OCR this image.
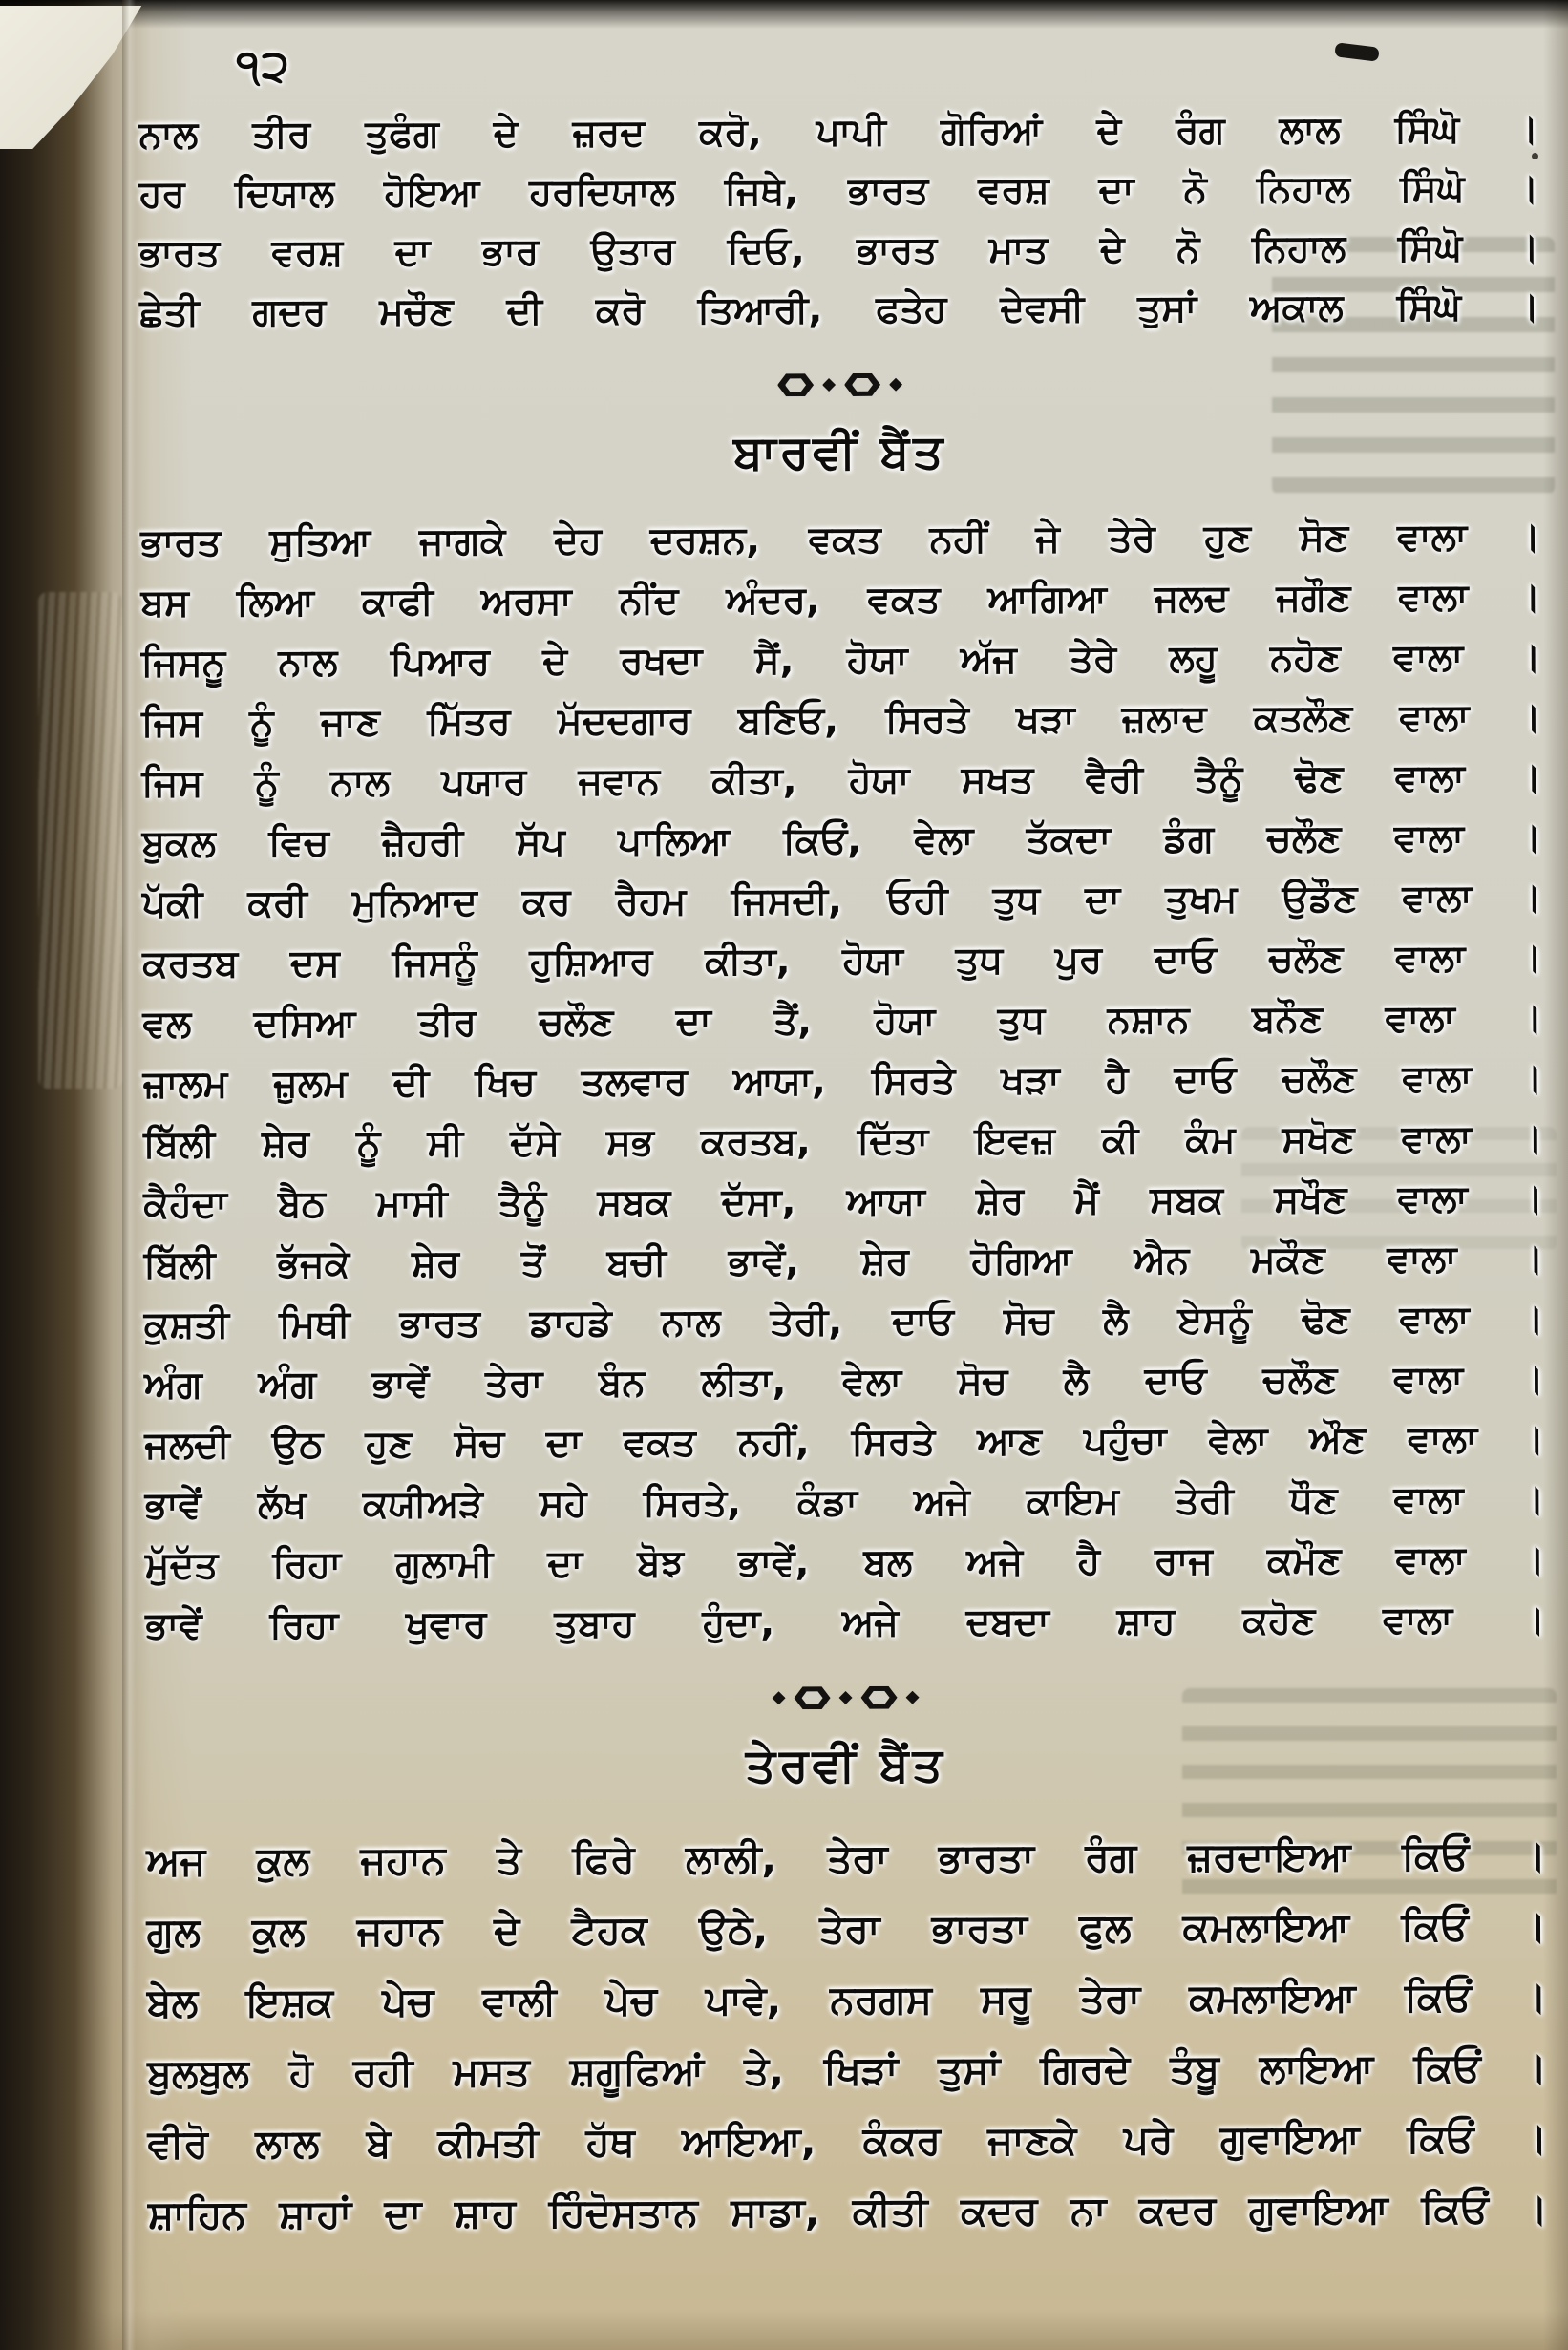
੧੨
ਨਾਲ ਤੀਰ ਤੁਫੰਗ ਦੇ ਜ਼ਰਦ ਕਰੋ, ਪਾਪੀ ਗੋਰਿਆਂ ਦੇ ਰੰਗ ਲਾਲ ਸਿੰਘੋ ।
ਹਰ ਦਿਯਾਲ ਹੋਇਆ ਹਰਦਿਯਾਲ ਜਿਥੇ, ਭਾਰਤ ਵਰਸ਼ ਦਾ ਨੋ ਨਿਹਾਲ ਸਿੰਘੋ ।
ਭਾਰਤ ਵਰਸ਼ ਦਾ ਭਾਰ ਉਤਾਰ ਦਿਓ, ਭਾਰਤ ਮਾਤ ਦੇ ਨੋ ਨਿਹਾਲ ਸਿੰਘੋ ।
ਛੇਤੀ ਗਦਰ ਮਚੌਣ ਦੀ ਕਰੋ ਤਿਆਰੀ, ਫਤੇਹ ਦੇਵਸੀ ਤੁਸਾਂ ਅਕਾਲ ਸਿੰਘੋ ।
ਬਾਰਵੀਂ ਬੈਂਤ
ਭਾਰਤ ਸੁਤਿਆ ਜਾਗਕੇ ਦੇਹ ਦਰਸ਼ਨ, ਵਕਤ ਨਹੀਂ ਜੇ ਤੇਰੇ ਹੁਣ ਸੋਣ ਵਾਲਾ ।
ਬਸ ਲਿਆ ਕਾਫੀ ਅਰਸਾ ਨੀਂਦ ਅੰਦਰ, ਵਕਤ ਆਗਿਆ ਜਲਦ ਜਗੌਣ ਵਾਲਾ ।
ਜਿਸਨੂ ਨਾਲ ਪਿਆਰ ਦੇ ਰਖਦਾ ਸੈਂ, ਹੋਯਾ ਅੱਜ ਤੇਰੇ ਲਹੂ ਨਹੋਣ ਵਾਲਾ ।
ਜਿਸ ਨੂੰ ਜਾਣ ਮਿੱਤਰ ਮੱਦਦਗਾਰ ਬਣਿਓ, ਸਿਰਤੇ ਖੜਾ ਜ਼ਲਾਦ ਕਤਲੌਣ ਵਾਲਾ ।
ਜਿਸ ਨੂੰ ਨਾਲ ਪਯਾਰ ਜਵਾਨ ਕੀਤਾ, ਹੋਯਾ ਸਖਤ ਵੈਰੀ ਤੈਨੂੰ ਢੋਣ ਵਾਲਾ ।
ਬੁਕਲ ਵਿਚ ਜ਼ੈਹਰੀ ਸੱਪ ਪਾਲਿਆ ਕਿਓਂ, ਵੇਲਾ ਤੱਕਦਾ ਡੰਗ ਚਲੌਣ ਵਾਲਾ ।
ਪੱਕੀ ਕਰੀ ਮੁਨਿਆਦ ਕਰ ਰੈਹਮ ਜਿਸਦੀ, ਓਹੀ ਤੁਧ ਦਾ ਤੁਖਮ ਉਡੌਣ ਵਾਲਾ ।
ਕਰਤਬ ਦਸ ਜਿਸਨੂੰ ਹੁਸ਼ਿਆਰ ਕੀਤਾ, ਹੋਯਾ ਤੁਧ ਪੁਰ ਦਾਓ ਚਲੌਣ ਵਾਲਾ ।
ਵਲ ਦਸਿਆ ਤੀਰ ਚਲੌਣ ਦਾ ਤੈਂ, ਹੋਯਾ ਤੁਧ ਨਸ਼ਾਨ ਬਨੌਣ ਵਾਲਾ ।
ਜ਼ਾਲਮ ਜ਼ੁਲਮ ਦੀ ਖਿਚ ਤਲਵਾਰ ਆਯਾ, ਸਿਰਤੇ ਖੜਾ ਹੈ ਦਾਓ ਚਲੌਣ ਵਾਲਾ ।
ਬਿੱਲੀ ਸ਼ੇਰ ਨੂੰ ਸੀ ਦੱਸੇ ਸਭ ਕਰਤਬ, ਦਿੱਤਾ ਇਵਜ਼ ਕੀ ਕੰਮ ਸਖੋਣ ਵਾਲਾ ।
ਕੈਹੰਦਾ ਬੈਠ ਮਾਸੀ ਤੈਨੂੰ ਸਬਕ ਦੱਸਾ, ਆਯਾ ਸ਼ੇਰ ਮੈਂ ਸਬਕ ਸਖੌਣ ਵਾਲਾ ।
ਬਿੱਲੀ ਭੱਜਕੇ ਸ਼ੇਰ ਤੋਂ ਬਚੀ ਭਾਵੇਂ, ਸ਼ੇਰ ਹੋਗਿਆ ਐਨ ਮਕੌਣ ਵਾਲਾ ।
ਕੁਸ਼ਤੀ ਮਿਥੀ ਭਾਰਤ ਡਾਹਡੇ ਨਾਲ ਤੇਰੀ, ਦਾਓ ਸੋਚ ਲੈ ਏਸਨੂੰ ਢੋਣ ਵਾਲਾ ।
ਅੰਗ ਅੰਗ ਭਾਵੇਂ ਤੇਰਾ ਬੰਨ ਲੀਤਾ, ਵੇਲਾ ਸੋਚ ਲੈ ਦਾਓ ਚਲੌਣ ਵਾਲਾ ।
ਜਲਦੀ ਉਠ ਹੁਣ ਸੋਚ ਦਾ ਵਕਤ ਨਹੀਂ, ਸਿਰਤੇ ਆਣ ਪਹੁੰਚਾ ਵੇਲਾ ਔਣ ਵਾਲਾ ।
ਭਾਵੇਂ ਲੱਖ ਕਯੀਅੜੇ ਸਹੇ ਸਿਰਤੇ, ਕੰਡਾ ਅਜੇ ਕਾਇਮ ਤੇਰੀ ਧੌਣ ਵਾਲਾ ।
ਮੁੱਦੱਤ ਰਿਹਾ ਗੁਲਾਮੀ ਦਾ ਬੋਝ ਭਾਵੇਂ, ਬਲ ਅਜੇ ਹੈ ਰਾਜ ਕਮੌਣ ਵਾਲਾ ।
ਭਾਵੇਂ ਰਿਹਾ ਖੁਵਾਰ ਤੁਬਾਹ ਹੁੰਦਾ, ਅਜੇ ਦਬਦਾ ਸ਼ਾਹ ਕਹੋਣ ਵਾਲਾ ।
ਤੇਰਵੀਂ ਬੈਂਤ
ਅਜ ਕੁਲ ਜਹਾਨ ਤੇ ਫਿਰੇ ਲਾਲੀ, ਤੇਰਾ ਭਾਰਤਾ ਰੰਗ ਜ਼ਰਦਾਇਆ ਕਿਓਂ ।
ਗੁਲ ਕੁਲ ਜਹਾਨ ਦੇ ਟੈਹਕ ਉਠੇ, ਤੇਰਾ ਭਾਰਤਾ ਫੁਲ ਕਮਲਾਇਆ ਕਿਓਂ ।
ਬੇਲ ਇਸ਼ਕ ਪੇਚ ਵਾਲੀ ਪੇਚ ਪਾਵੇ, ਨਰਗਸ ਸਰੂ ਤੇਰਾ ਕਮਲਾਇਆ ਕਿਓਂ ।
ਬੁਲਬੁਲ ਹੋ ਰਹੀ ਮਸਤ ਸ਼ਗੂਫਿਆਂ ਤੇ, ਖਿੜਾਂ ਤੁਸਾਂ ਗਿਰਦੇ ਤੰਬੂ ਲਾਇਆ ਕਿਓਂ ।
ਵੀਰੋ ਲਾਲ ਬੇ ਕੀਮਤੀ ਹੱਥ ਆਇਆ, ਕੰਕਰ ਜਾਣਕੇ ਪਰੇ ਗੁਵਾਇਆ ਕਿਓਂ ।
ਸ਼ਾਹਿਨ ਸ਼ਾਹਾਂ ਦਾ ਸ਼ਾਹ ਹਿੰਦੋਸਤਾਨ ਸਾਡਾ, ਕੀਤੀ ਕਦਰ ਨਾ ਕਦਰ ਗੁਵਾਇਆ ਕਿਓਂ ।
